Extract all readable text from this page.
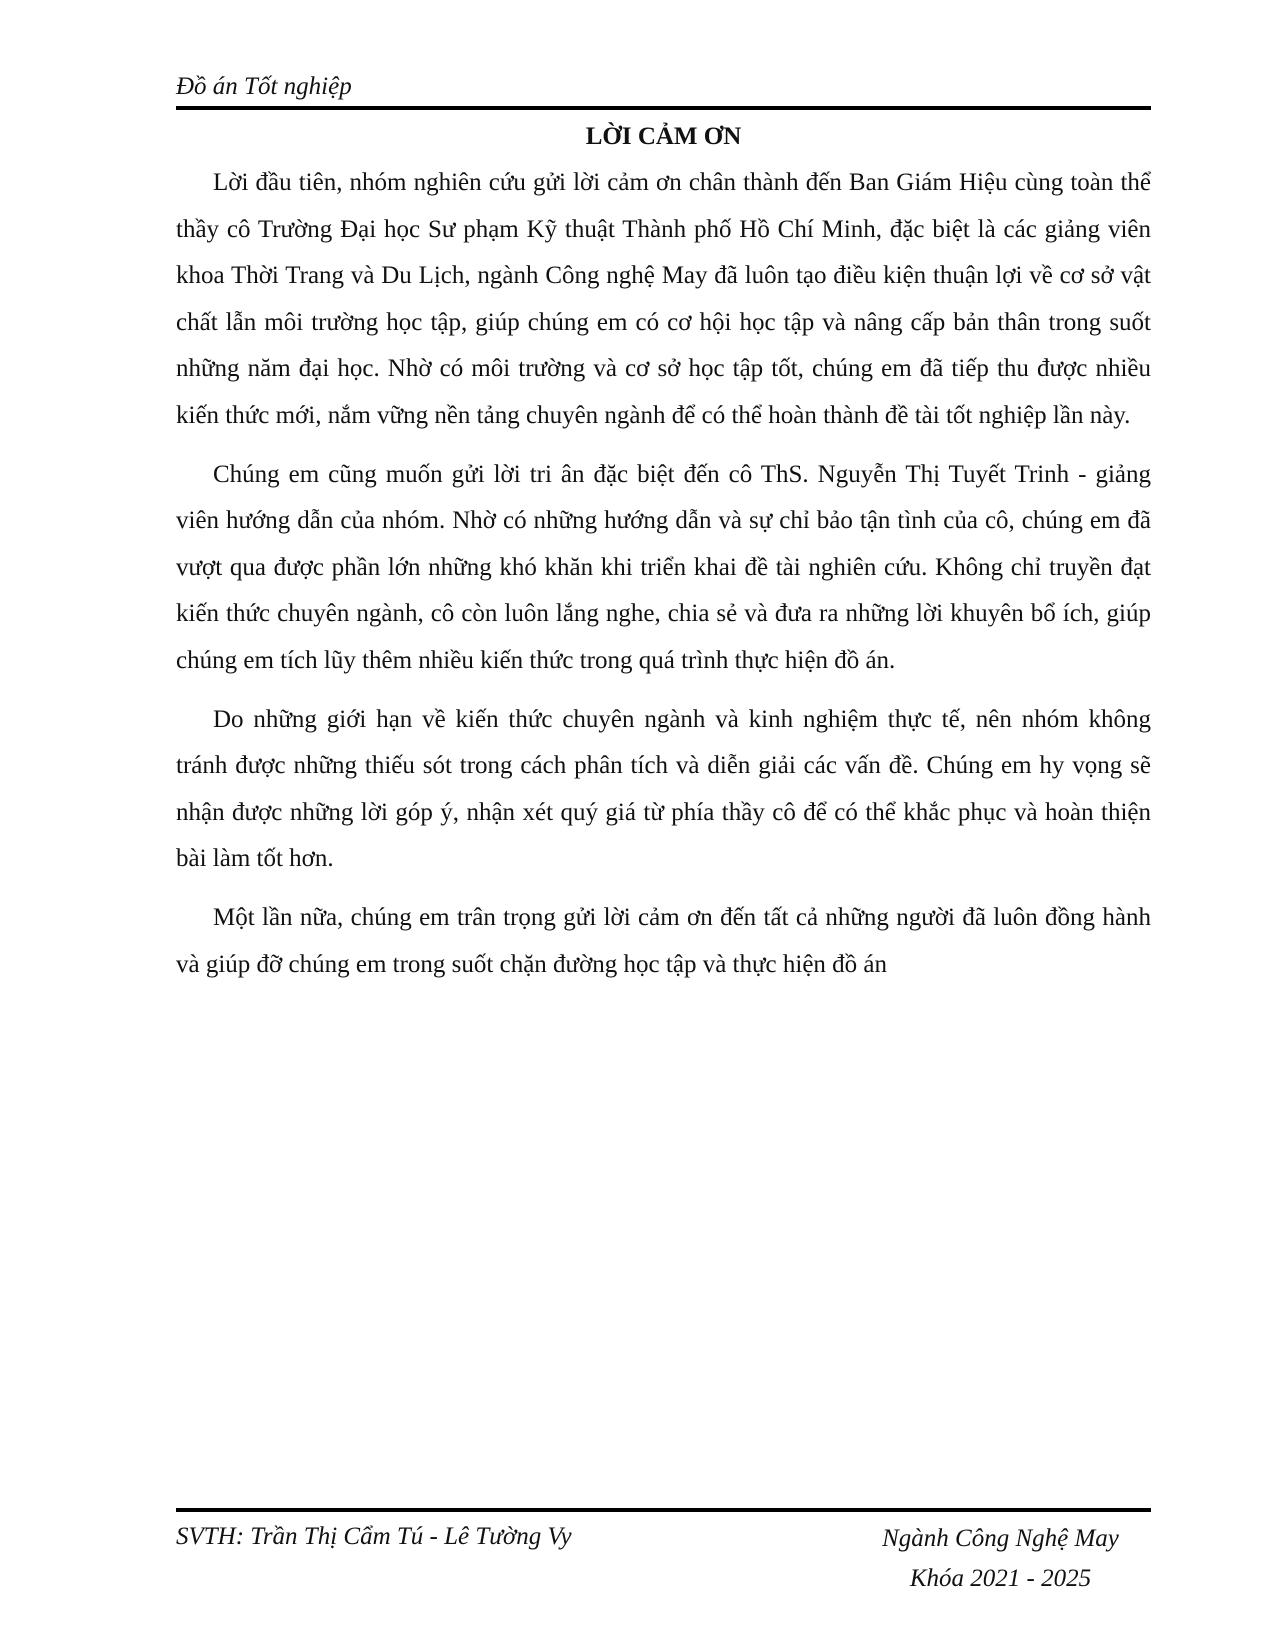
Đồ án Tốt nghiệp
LỜI CẢM ƠN

Lời đầu tiên, nhóm nghiên cứu gửi lời cảm ơn chân thành đến Ban Giám Hiệu cùng toàn thể thầy cô Trường Đại học Sư phạm Kỹ thuật Thành phố Hồ Chí Minh, đặc biệt là các giảng viên khoa Thời Trang và Du Lịch, ngành Công nghệ May đã luôn tạo điều kiện thuận lợi về cơ sở vật chất lẫn môi trường học tập, giúp chúng em có cơ hội học tập và nâng cấp bản thân trong suốt những năm đại học. Nhờ có môi trường và cơ sở học tập tốt, chúng em đã tiếp thu được nhiều kiến thức mới, nắm vững nền tảng chuyên ngành để có thể hoàn thành đề tài tốt nghiệp lần này.

Chúng em cũng muốn gửi lời tri ân đặc biệt đến cô ThS. Nguyễn Thị Tuyết Trinh - giảng viên hướng dẫn của nhóm. Nhờ có những hướng dẫn và sự chỉ bảo tận tình của cô, chúng em đã vượt qua được phần lớn những khó khăn khi triển khai đề tài nghiên cứu. Không chỉ truyền đạt kiến thức chuyên ngành, cô còn luôn lắng nghe, chia sẻ và đưa ra những lời khuyên bổ ích, giúp chúng em tích lũy thêm nhiều kiến thức trong quá trình thực hiện đồ án.

Do những giới hạn về kiến thức chuyên ngành và kinh nghiệm thực tế, nên nhóm không tránh được những thiếu sót trong cách phân tích và diễn giải các vấn đề. Chúng em hy vọng sẽ nhận được những lời góp ý, nhận xét quý giá từ phía thầy cô để có thể khắc phục và hoàn thiện bài làm tốt hơn.

Một lần nữa, chúng em trân trọng gửi lời cảm ơn đến tất cả những người đã luôn đồng hành và giúp đỡ chúng em trong suốt chặn đường học tập và thực hiện đồ án

SVTH: Trần Thị Cẩm Tú - Lê Tường Vy	Ngành Công Nghệ May
Khóa 2021 - 2025
